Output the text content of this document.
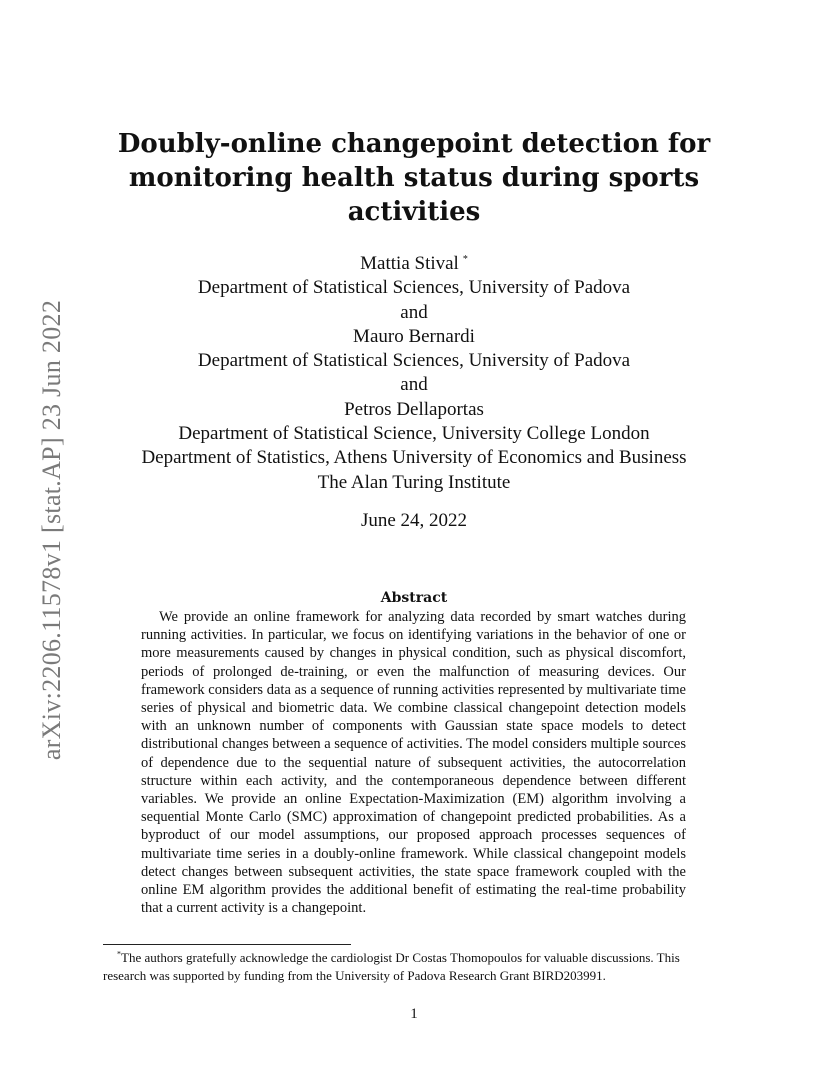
arXiv:2206.11578v1 [stat.AP] 23 Jun 2022
Doubly-online changepoint detection for
monitoring health status during sports
activities
Mattia Stival *
Department of Statistical Sciences, University of Padova
and
Mauro Bernardi
Department of Statistical Sciences, University of Padova
and
Petros Dellaportas
Department of Statistical Science, University College London
Department of Statistics, Athens University of Economics and Business
The Alan Turing Institute
June 24, 2022
Abstract

We provide an online framework for analyzing data recorded by smart watches during running activities. In particular, we focus on identifying variations in the behavior of one or more measurements caused by changes in physical condition, such as physical discomfort, periods of prolonged de-training, or even the malfunction of measuring devices. Our framework considers data as a sequence of running activities represented by multivariate time series of physical and biometric data. We combine classical changepoint detection models with an unknown number of components with Gaussian state space models to detect distributional changes between a sequence of activities. The model considers multiple sources of dependence due to the sequential nature of subsequent activities, the autocorrelation structure within each activity, and the contemporaneous dependence between different variables. We provide an online Expectation-Maximization (EM) algorithm involving a sequential Monte Carlo (SMC) approximation of changepoint predicted probabilities. As a byproduct of our model assumptions, our proposed approach processes sequences of multivariate time series in a doubly-online framework. While classical changepoint models detect changes between subsequent activities, the state space framework coupled with the online EM algorithm provides the additional benefit of estimating the real-time probability that a current activity is a changepoint.

*The authors gratefully acknowledge the cardiologist Dr Costas Thomopoulos for valuable discussions. This research was supported by funding from the University of Padova Research Grant BIRD203991.

1
